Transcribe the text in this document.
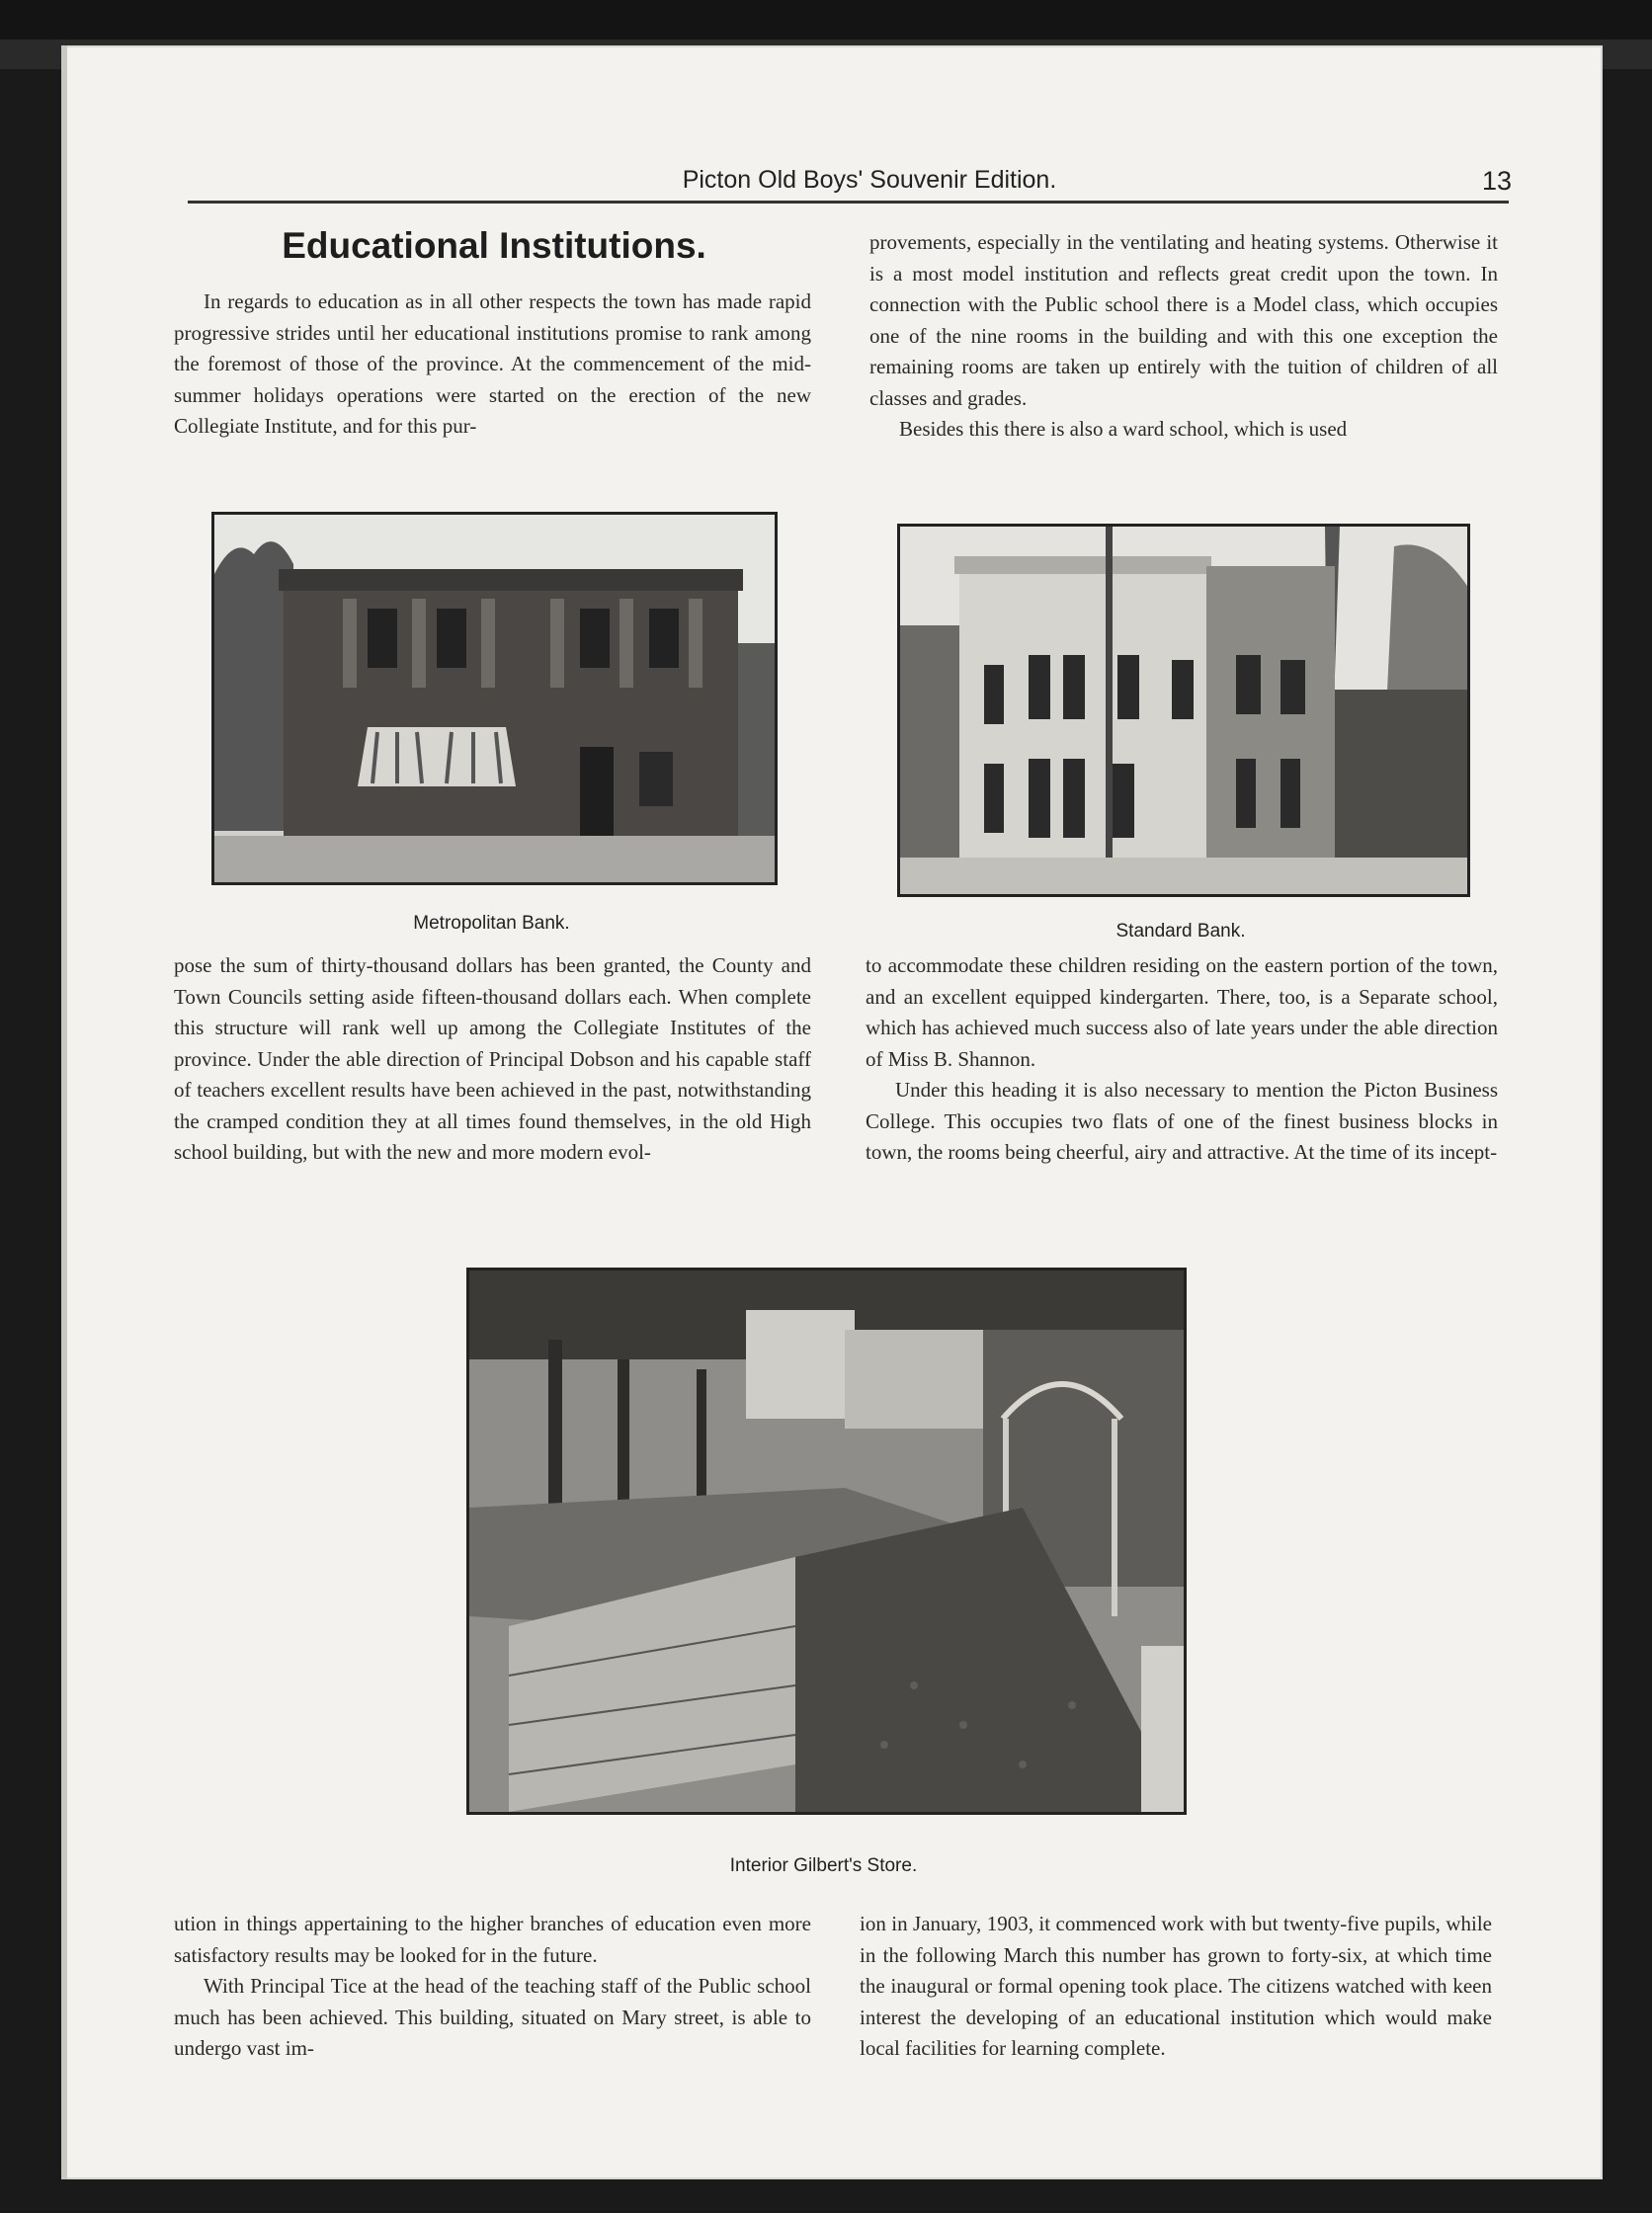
Picton Old Boys' Souvenir Edition.	13
Educational Institutions.

In regards to education as in all other respects the town has made rapid progressive strides until her educational institutions promise to rank among the foremost of those of the province. At the commencement of the mid-summer holidays operations were started on the erection of the new Collegiate Institute, and for this pur-

provements, especially in the ventilating and heating systems. Otherwise it is a most model institution and reflects great credit upon the town. In connection with the Public school there is a Model class, which occupies one of the nine rooms in the building and with this one exception the remaining rooms are taken up entirely with the tuition of children of all classes and grades.

Besides this there is also a ward school, which is used

Metropolitan Bank.	Standard Bank.

pose the sum of thirty-thousand dollars has been granted, the County and Town Councils setting aside fifteen-thousand dollars each. When complete this structure will rank well up among the Collegiate Institutes of the province. Under the able direction of Principal Dobson and his capable staff of teachers excellent results have been achieved in the past, notwithstanding the cramped condition they at all times found themselves, in the old High school building, but with the new and more modern evol-

to accommodate these children residing on the eastern portion of the town, and an excellent equipped kindergarten. There, too, is a Separate school, which has achieved much success also of late years under the able direction of Miss B. Shannon.

Under this heading it is also necessary to mention the Picton Business College. This occupies two flats of one of the finest business blocks in town, the rooms being cheerful, airy and attractive. At the time of its incept-

Interior Gilbert's Store.

ution in things appertaining to the higher branches of education even more satisfactory results may be looked for in the future.

With Principal Tice at the head of the teaching staff of the Public school much has been achieved. This building, situated on Mary street, is able to undergo vast im-

ion in January, 1903, it commenced work with but twenty-five pupils, while in the following March this number has grown to forty-six, at which time the inaugural or formal opening took place. The citizens watched with keen interest the developing of an educational institution which would make local facilities for learning complete.
